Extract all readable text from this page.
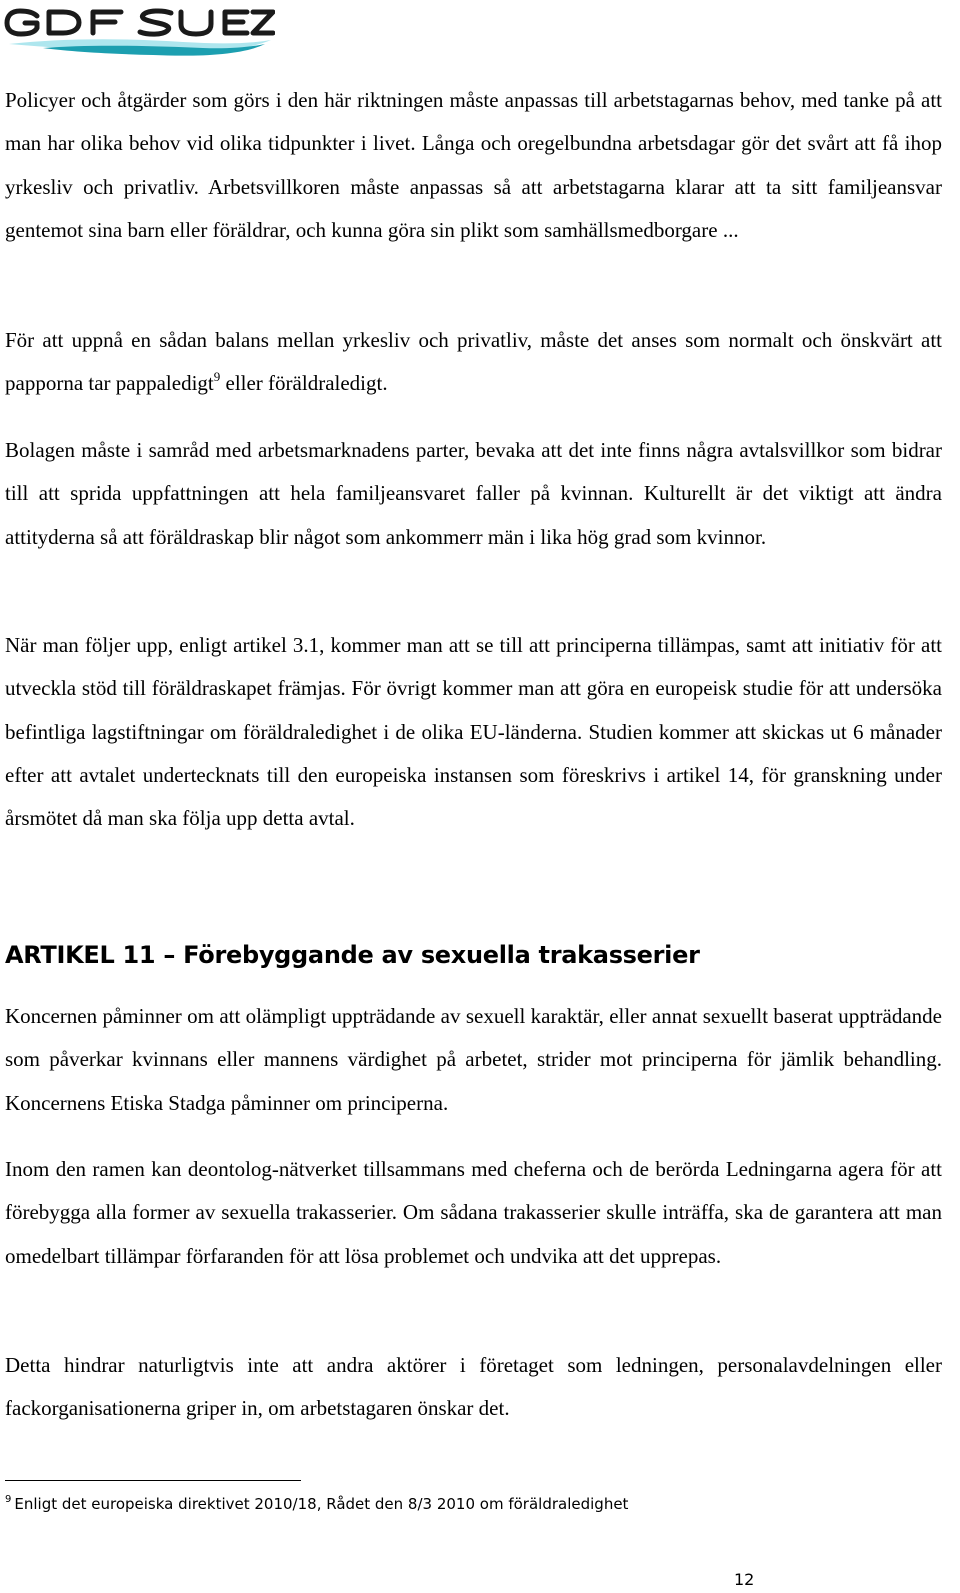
Policyer och åtgärder som görs i den här riktningen måste anpassas till arbetstagarnas behov, med tanke på att man har olika behov vid olika tidpunkter i livet. Långa och oregelbundna arbetsdagar gör det svårt att få ihop yrkesliv och privatliv. Arbetsvillkoren måste anpassas så att arbetstagarna klarar att ta sitt familjeansvar gentemot sina barn eller föräldrar, och kunna göra sin plikt som samhällsmedborgare ...

För att uppnå en sådan balans mellan yrkesliv och privatliv, måste det anses som normalt och önskvärt att papporna tar pappaledigt$^9$ eller föräldraledigt.

Bolagen måste i samråd med arbetsmarknadens parter, bevaka att det inte finns några avtalsvillkor som bidrar till att sprida uppfattningen att hela familjeansvaret faller på kvinnan. Kulturellt är det viktigt att ändra attityderna så att föräldraskap blir något som ankommerr män i lika hög grad som kvinnor.

När man följer upp, enligt artikel 3.1, kommer man att se till att principerna tillämpas, samt att initiativ för att utveckla stöd till föräldraskapet främjas. För övrigt kommer man att göra en europeisk studie för att undersöka befintliga lagstiftningar om föräldraledighet i de olika EU-länderna. Studien kommer att skickas ut 6 månader efter att avtalet undertecknats till den europeiska instansen som föreskrivs i artikel 14, för granskning under årsmötet då man ska följa upp detta avtal.

ARTIKEL 11 – Förebyggande av sexuella trakasserier

Koncernen påminner om att olämpligt uppträdande av sexuell karaktär, eller annat sexuellt baserat uppträdande som påverkar kvinnans eller mannens värdighet på arbetet, strider mot principerna för jämlik behandling. Koncernens Etiska Stadga påminner om principerna.

Inom den ramen kan deontolog-nätverket tillsammans med cheferna och de berörda Ledningarna agera för att förebygga alla former av sexuella trakasserier. Om sådana trakasserier skulle inträffa, ska de garantera att man omedelbart tillämpar förfaranden för att lösa problemet och undvika att det upprepas.

Detta hindrar naturligtvis inte att andra aktörer i företaget som ledningen, personalavdelningen eller fackorganisationerna griper in, om arbetstagaren önskar det.

$^9$ Enligt det europeiska direktivet 2010/18, Rådet den 8/3 2010 om föräldraledighet

12
